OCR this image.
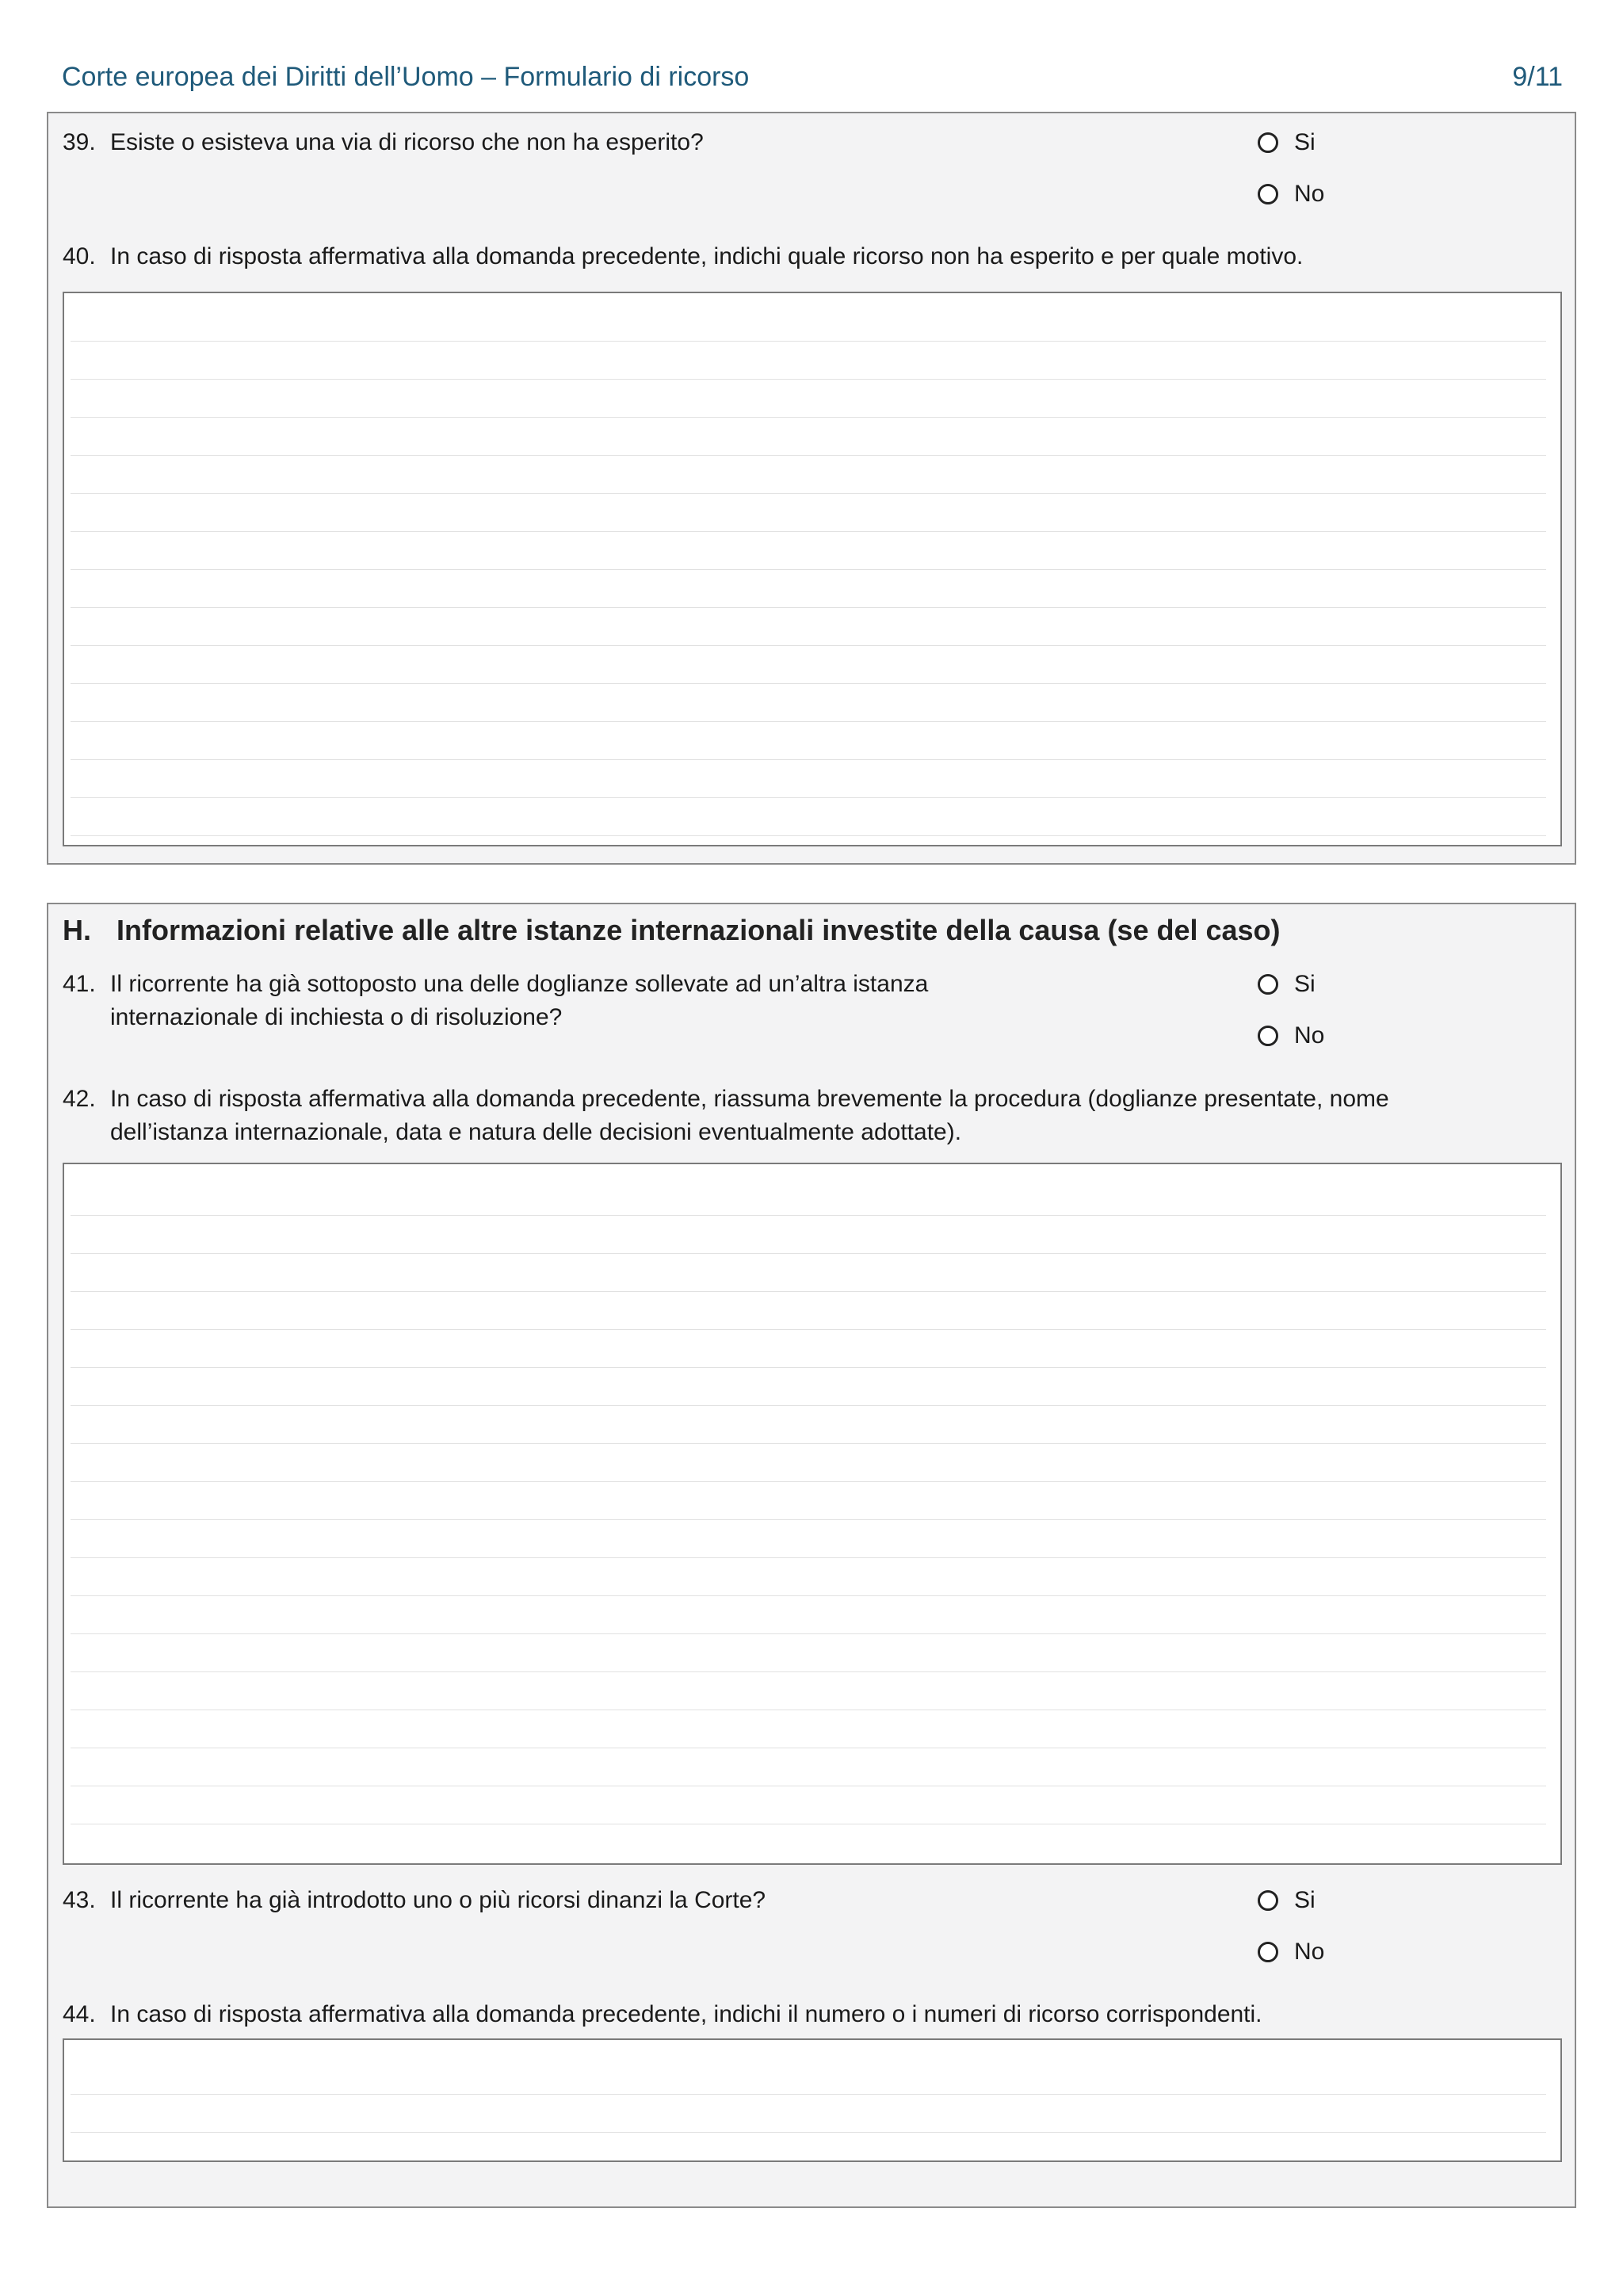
Corte europea dei Diritti dell’Uomo – Formulario di ricorso	9/11
39. Esiste o esisteva una via di ricorso che non ha esperito?	Si
No
40. In caso di risposta affermativa alla domanda precedente, indichi quale ricorso non ha esperito e per quale motivo.
H. Informazioni relative alle altre istanze internazionali investite della causa (se del caso)
41. Il ricorrente ha già sottoposto una delle doglianze sollevate ad un’altra istanza
internazionale di inchiesta o di risoluzione?
Si
No
42. In caso di risposta affermativa alla domanda precedente, riassuma brevemente la procedura (doglianze presentate, nome
dell’istanza internazionale, data e natura delle decisioni eventualmente adottate).
43. Il ricorrente ha già introdotto uno o più ricorsi dinanzi la Corte?	Si
No
44. In caso di risposta affermativa alla domanda precedente, indichi il numero o i numeri di ricorso corrispondenti.
